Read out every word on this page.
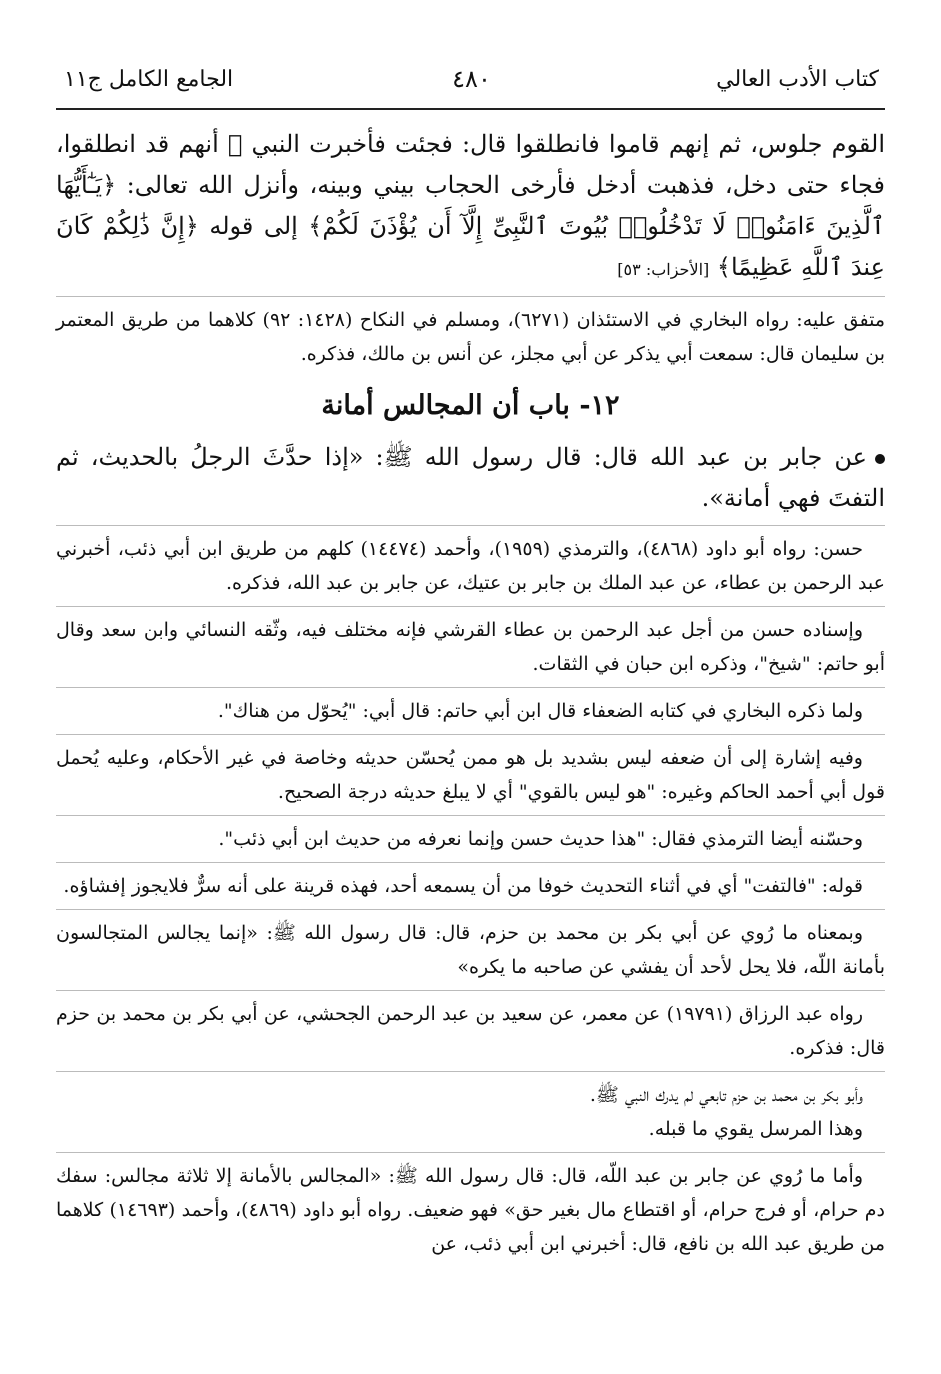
كتاب الأدب العالي
٤٨٠
الجامع الكامل ج١١

القوم جلوس، ثم إنهم قاموا فانطلقوا قال: فجئت فأخبرت النبي ﷺ أنهم قد انطلقوا، فجاء حتى دخل، فذهبت أدخل فأرخى الحجاب بيني وبينه، وأنزل الله تعالى: ﴿يَـٰٓأَيُّهَا ٱلَّذِينَ ءَامَنُوا۟ لَا تَدْخُلُوا۟ بُيُوتَ ٱلنَّبِىِّ إِلَّآ أَن يُؤْذَنَ لَكُمْ﴾ إلى قوله ﴿إِنَّ ذَٰلِكُمْ كَانَ عِندَ ٱللَّهِ عَظِيمًا﴾ [الأحزاب: ٥٣]

متفق عليه: رواه البخاري في الاستئذان (٦٢٧١)، ومسلم في النكاح (١٤٢٨: ٩٢) كلاهما من طريق المعتمر بن سليمان قال: سمعت أبي يذكر عن أبي مجلز، عن أنس بن مالك، فذكره.

١٢- باب أن المجالس أمانة

عن جابر بن عبد الله قال: قال رسول الله ﷺ: «إذا حدَّثَ الرجلُ بالحديث، ثم التفتَ فهي أمانة».

حسن: رواه أبو داود (٤٨٦٨)، والترمذي (١٩٥٩)، وأحمد (١٤٤٧٤) كلهم من طريق ابن أبي ذئب، أخبرني عبد الرحمن بن عطاء، عن عبد الملك بن جابر بن عتيك، عن جابر بن عبد الله، فذكره.

وإسناده حسن من أجل عبد الرحمن بن عطاء القرشي فإنه مختلف فيه، وثّقه النسائي وابن سعد وقال أبو حاتم: "شيخ"، وذكره ابن حبان في الثقات.

ولما ذكره البخاري في كتابه الضعفاء قال ابن أبي حاتم: قال أبي: "يُحوّل من هناك".

وفيه إشارة إلى أن ضعفه ليس بشديد بل هو ممن يُحسّن حديثه وخاصة في غير الأحكام، وعليه يُحمل قول أبي أحمد الحاكم وغيره: "هو ليس بالقوي" أي لا يبلغ حديثه درجة الصحيح.

وحسّنه أيضا الترمذي فقال: "هذا حديث حسن وإنما نعرفه من حديث ابن أبي ذئب".

قوله: "فالتفت" أي في أثناء التحديث خوفا من أن يسمعه أحد، فهذه قرينة على أنه سرٌّ فلايجوز إفشاؤه.

وبمعناه ما رُوي عن أبي بكر بن محمد بن حزم، قال: قال رسول الله ﷺ: «إنما يجالس المتجالسون بأمانة اللّه، فلا يحل لأحد أن يفشي عن صاحبه ما يكره»

رواه عبد الرزاق (١٩٧٩١) عن معمر، عن سعيد بن عبد الرحمن الجحشي، عن أبي بكر بن محمد بن حزم قال: فذكره.

وأبو بكر بن محمد بن حزم تابعي لم يدرك النبي ﷺ.
وهذا المرسل يقوي ما قبله.

وأما ما رُوي عن جابر بن عبد اللّه، قال: قال رسول الله ﷺ: «المجالس بالأمانة إلا ثلاثة مجالس: سفك دم حرام، أو فرج حرام، أو اقتطاع مال بغير حق» فهو ضعيف. رواه أبو داود (٤٨٦٩)، وأحمد (١٤٦٩٣) كلاهما من طريق عبد الله بن نافع، قال: أخبرني ابن أبي ذئب، عن
